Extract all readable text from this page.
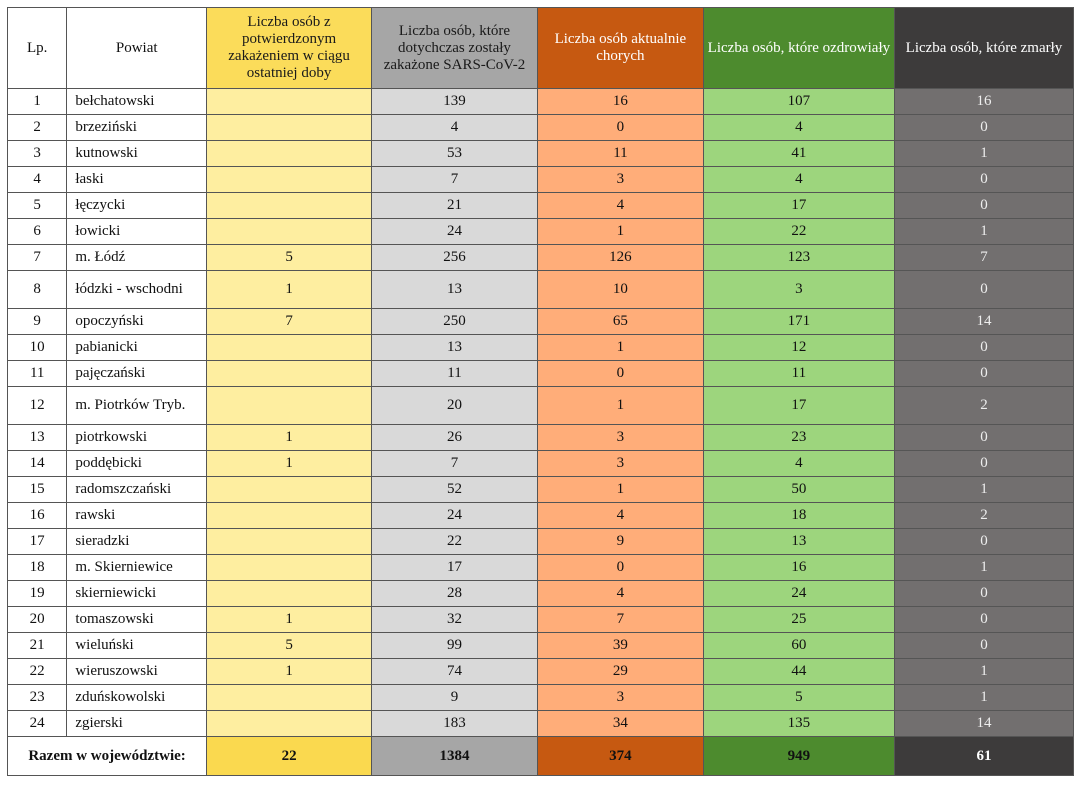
Lp.	Powiat	Liczba osób z potwierdzonym zakażeniem w ciągu ostatniej doby	Liczba osób, które dotychczas zostały zakażone SARS-CoV-2	Liczba osób aktualnie chorych	Liczba osób, które ozdrowiały	Liczba osób, które zmarły
1	bełchatowski		139	16	107	16
2	brzeziński		4	0	4	0
3	kutnowski		53	11	41	1
4	łaski		7	3	4	0
5	łęczycki		21	4	17	0
6	łowicki		24	1	22	1
7	m. Łódź	5	256	126	123	7
8	łódzki - wschodni	1	13	10	3	0
9	opoczyński	7	250	65	171	14
10	pabianicki		13	1	12	0
11	pajęczański		11	0	11	0
12	m. Piotrków Tryb.		20	1	17	2
13	piotrkowski	1	26	3	23	0
14	poddębicki	1	7	3	4	0
15	radomszczański		52	1	50	1
16	rawski		24	4	18	2
17	sieradzki		22	9	13	0
18	m. Skierniewice		17	0	16	1
19	skierniewicki		28	4	24	0
20	tomaszowski	1	32	7	25	0
21	wieluński	5	99	39	60	0
22	wieruszowski	1	74	29	44	1
23	zduńskowolski		9	3	5	1
24	zgierski		183	34	135	14
Razem w województwie:		22	1384	374	949	61
